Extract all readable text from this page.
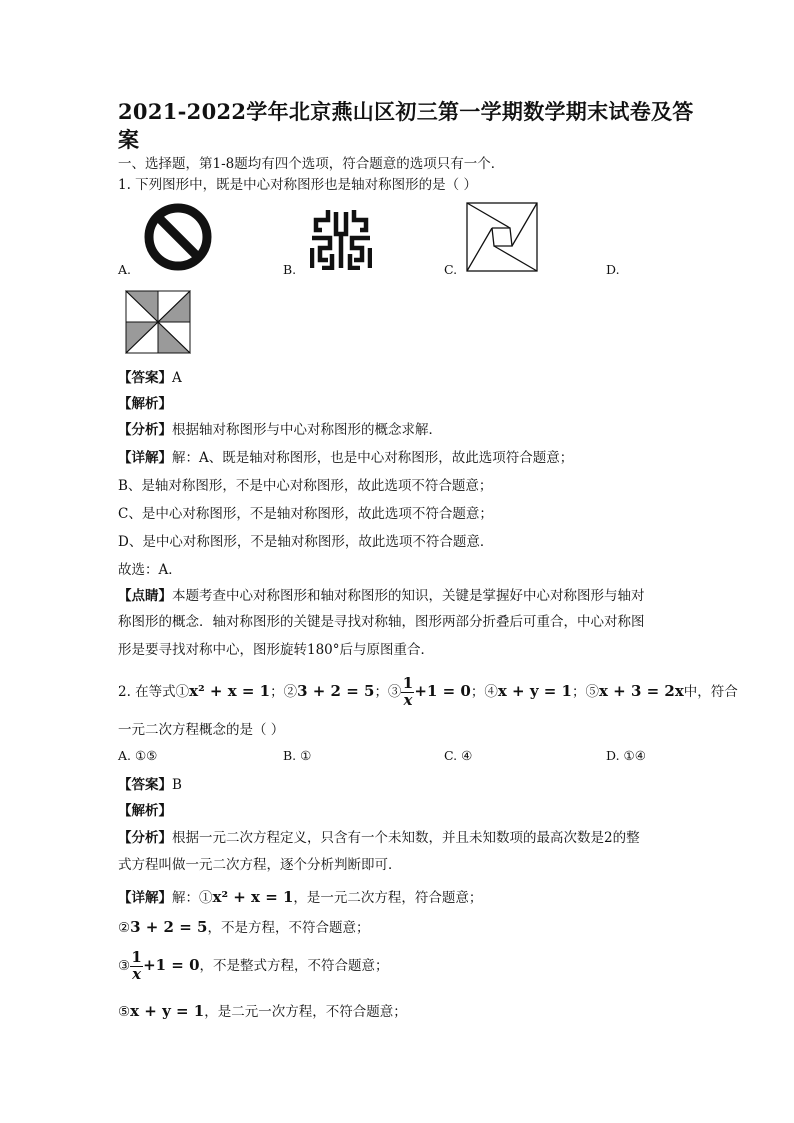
2021-2022学年北京燕山区初三第一学期数学期末试卷及答
案
一、选择题，第1-8题均有四个选项，符合题意的选项只有一个．
1. 下列图形中，既是中心对称图形也是轴对称图形的是（ ）
A.	B.	C.	D.
【答案】A
【解析】
【分析】根据轴对称图形与中心对称图形的概念求解．
【详解】解：A、既是轴对称图形，也是中心对称图形，故此选项符合题意；
B、是轴对称图形，不是中心对称图形，故此选项不符合题意；
C、是中心对称图形，不是轴对称图形，故此选项不符合题意；
D、是中心对称图形，不是轴对称图形，故此选项不符合题意．
故选：A．
【点睛】本题考查中心对称图形和轴对称图形的知识，关键是掌握好中心对称图形与轴对
称图形的概念．轴对称图形的关键是寻找对称轴，图形两部分折叠后可重合，中心对称图
形是要寻找对称中心，图形旋转180°后与原图重合．
2. 在等式①x² + x = 1；②3 + 2 = 5；③ $\frac{1}{x} +1 = 0$；④x + y = 1；⑤x + 3 = 2x中，符合
一元二次方程概念的是（ ）
A. ①⑤	B. ①	C. ④	D. ①④
【答案】B
【解析】
【分析】根据一元二次方程定义，只含有一个未知数，并且未知数项的最高次数是2的整
式方程叫做一元二次方程，逐个分析判断即可．
【详解】解：①x² + x = 1，是一元二次方程，符合题意；
②3 + 2 = 5，不是方程，不符合题意；
③ $\frac{1}{x} +1 = 0$，不是整式方程，不符合题意；
⑤x + y = 1，是二元一次方程，不符合题意；
